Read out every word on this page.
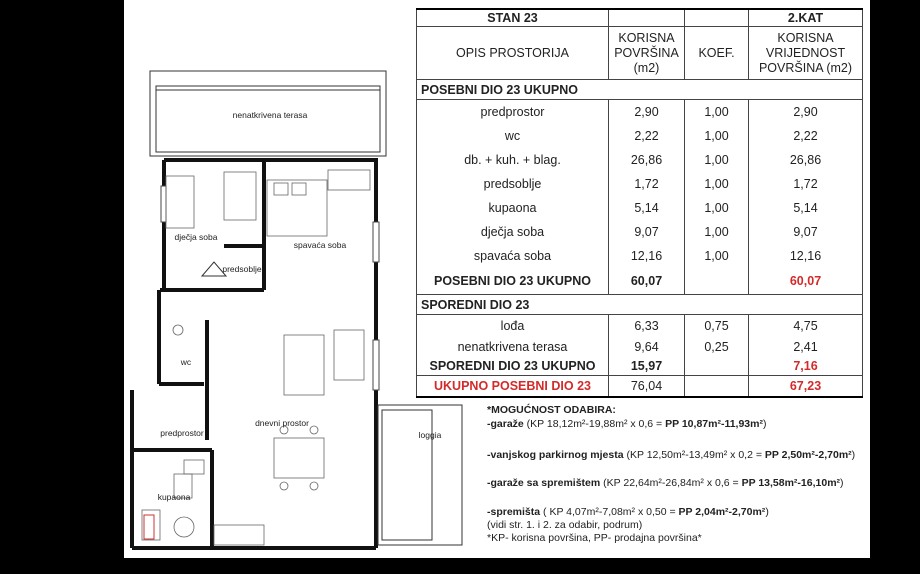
nenatkrivena terasa
dječja soba
spavaća soba
predsoblje
wc
dnevni prostor
predprostor	loggia
kupaona
STAN 23			2.KAT
OPIS PROSTORIJA	KORISNA POVRŠINA (m2)	KOEF.	KORISNA VRIJEDNOST POVRŠINA (m2)
POSEBNI DIO 23 UKUPNO			
predprostor	2,90	1,00	2,90
wc	2,22	1,00	2,22
db. + kuh. + blag.	26,86	1,00	26,86
predsoblje	1,72	1,00	1,72
kupaona	5,14	1,00	5,14
dječja soba	9,07	1,00	9,07
spavaća soba	12,16	1,00	12,16
POSEBNI DIO 23 UKUPNO	60,07		60,07
SPOREDNI DIO 23			
lođa	6,33	0,75	4,75
nenatkrivena terasa	9,64	0,25	2,41
SPOREDNI DIO 23 UKUPNO	15,97		7,16
UKUPNO POSEBNI DIO 23	76,04		67,23
*MOGUĆNOST ODABIRA:
-garaže (KP 18,12m²-19,88m² x 0,6 = PP 10,87m²-11,93m²)
-vanjskog parkirnog mjesta (KP 12,50m²-13,49m² x 0,2 = PP 2,50m²-2,70m²)
-garaže sa spremištem (KP 22,64m²-26,84m² x 0,6 = PP 13,58m²-16,10m²)
-spremišta ( KP 4,07m²-7,08m² x 0,50 = PP 2,04m²-2,70m²)
(vidi str. 1. i 2. za odabir, podrum)
*KP- korisna površina, PP- prodajna površina*
